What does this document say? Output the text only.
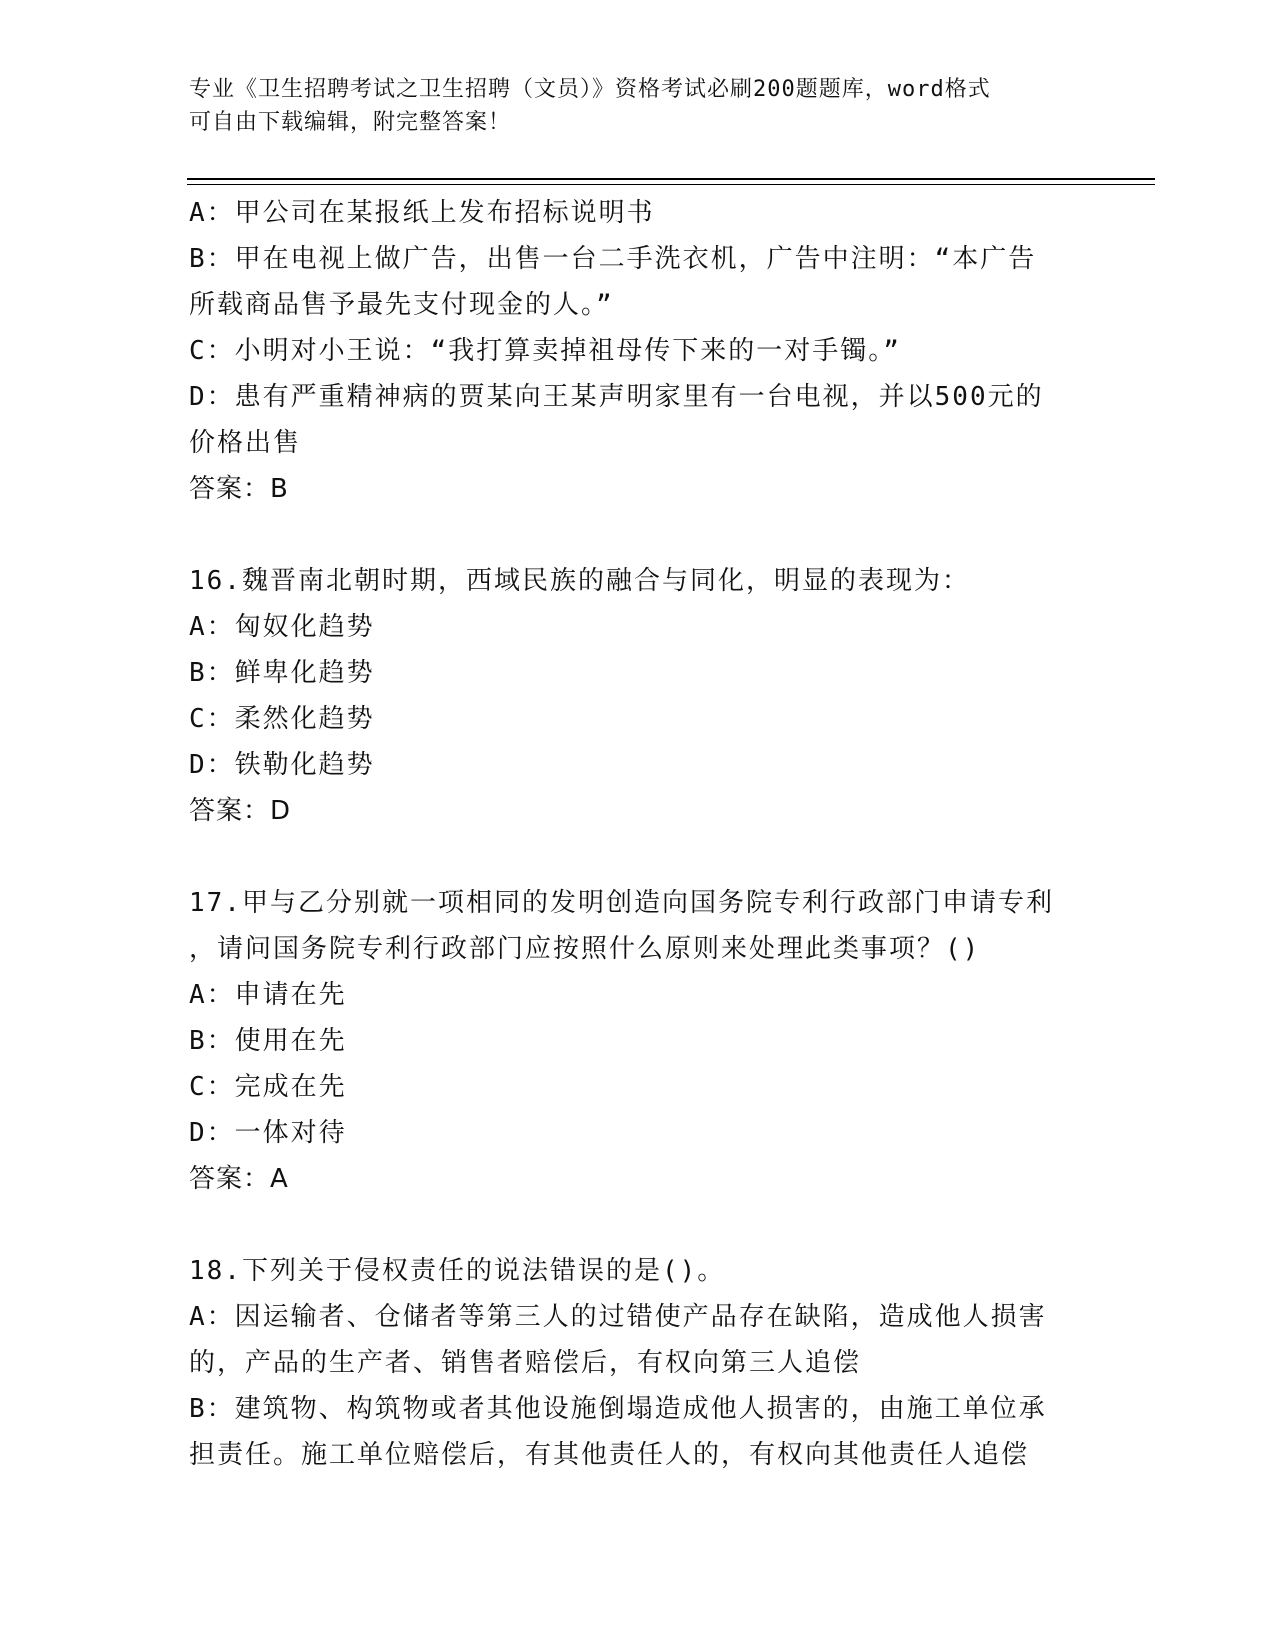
专业《卫生招聘考试之卫生招聘（文员）》资格考试必刷200题题库，word格式
可自由下载编辑，附完整答案！
A：甲公司在某报纸上发布招标说明书
B：甲在电视上做广告，出售一台二手洗衣机，广告中注明：“本广告
所载商品售予最先支付现金的人。”
C：小明对小王说：“我打算卖掉祖母传下来的一对手镯。”
D：患有严重精神病的贾某向王某声明家里有一台电视，并以500元的
价格出售
答案：B
16.魏晋南北朝时期，西域民族的融合与同化，明显的表现为：
A：匈奴化趋势
B：鲜卑化趋势
C：柔然化趋势
D：铁勒化趋势
答案：D
17.甲与乙分别就一项相同的发明创造向国务院专利行政部门申请专利
，请问国务院专利行政部门应按照什么原则来处理此类事项？()
A：申请在先
B：使用在先
C：完成在先
D：一体对待
答案：A
18.下列关于侵权责任的说法错误的是()。
A：因运输者、仓储者等第三人的过错使产品存在缺陷，造成他人损害
的，产品的生产者、销售者赔偿后，有权向第三人追偿
B：建筑物、构筑物或者其他设施倒塌造成他人损害的，由施工单位承
担责任。施工单位赔偿后，有其他责任人的，有权向其他责任人追偿
